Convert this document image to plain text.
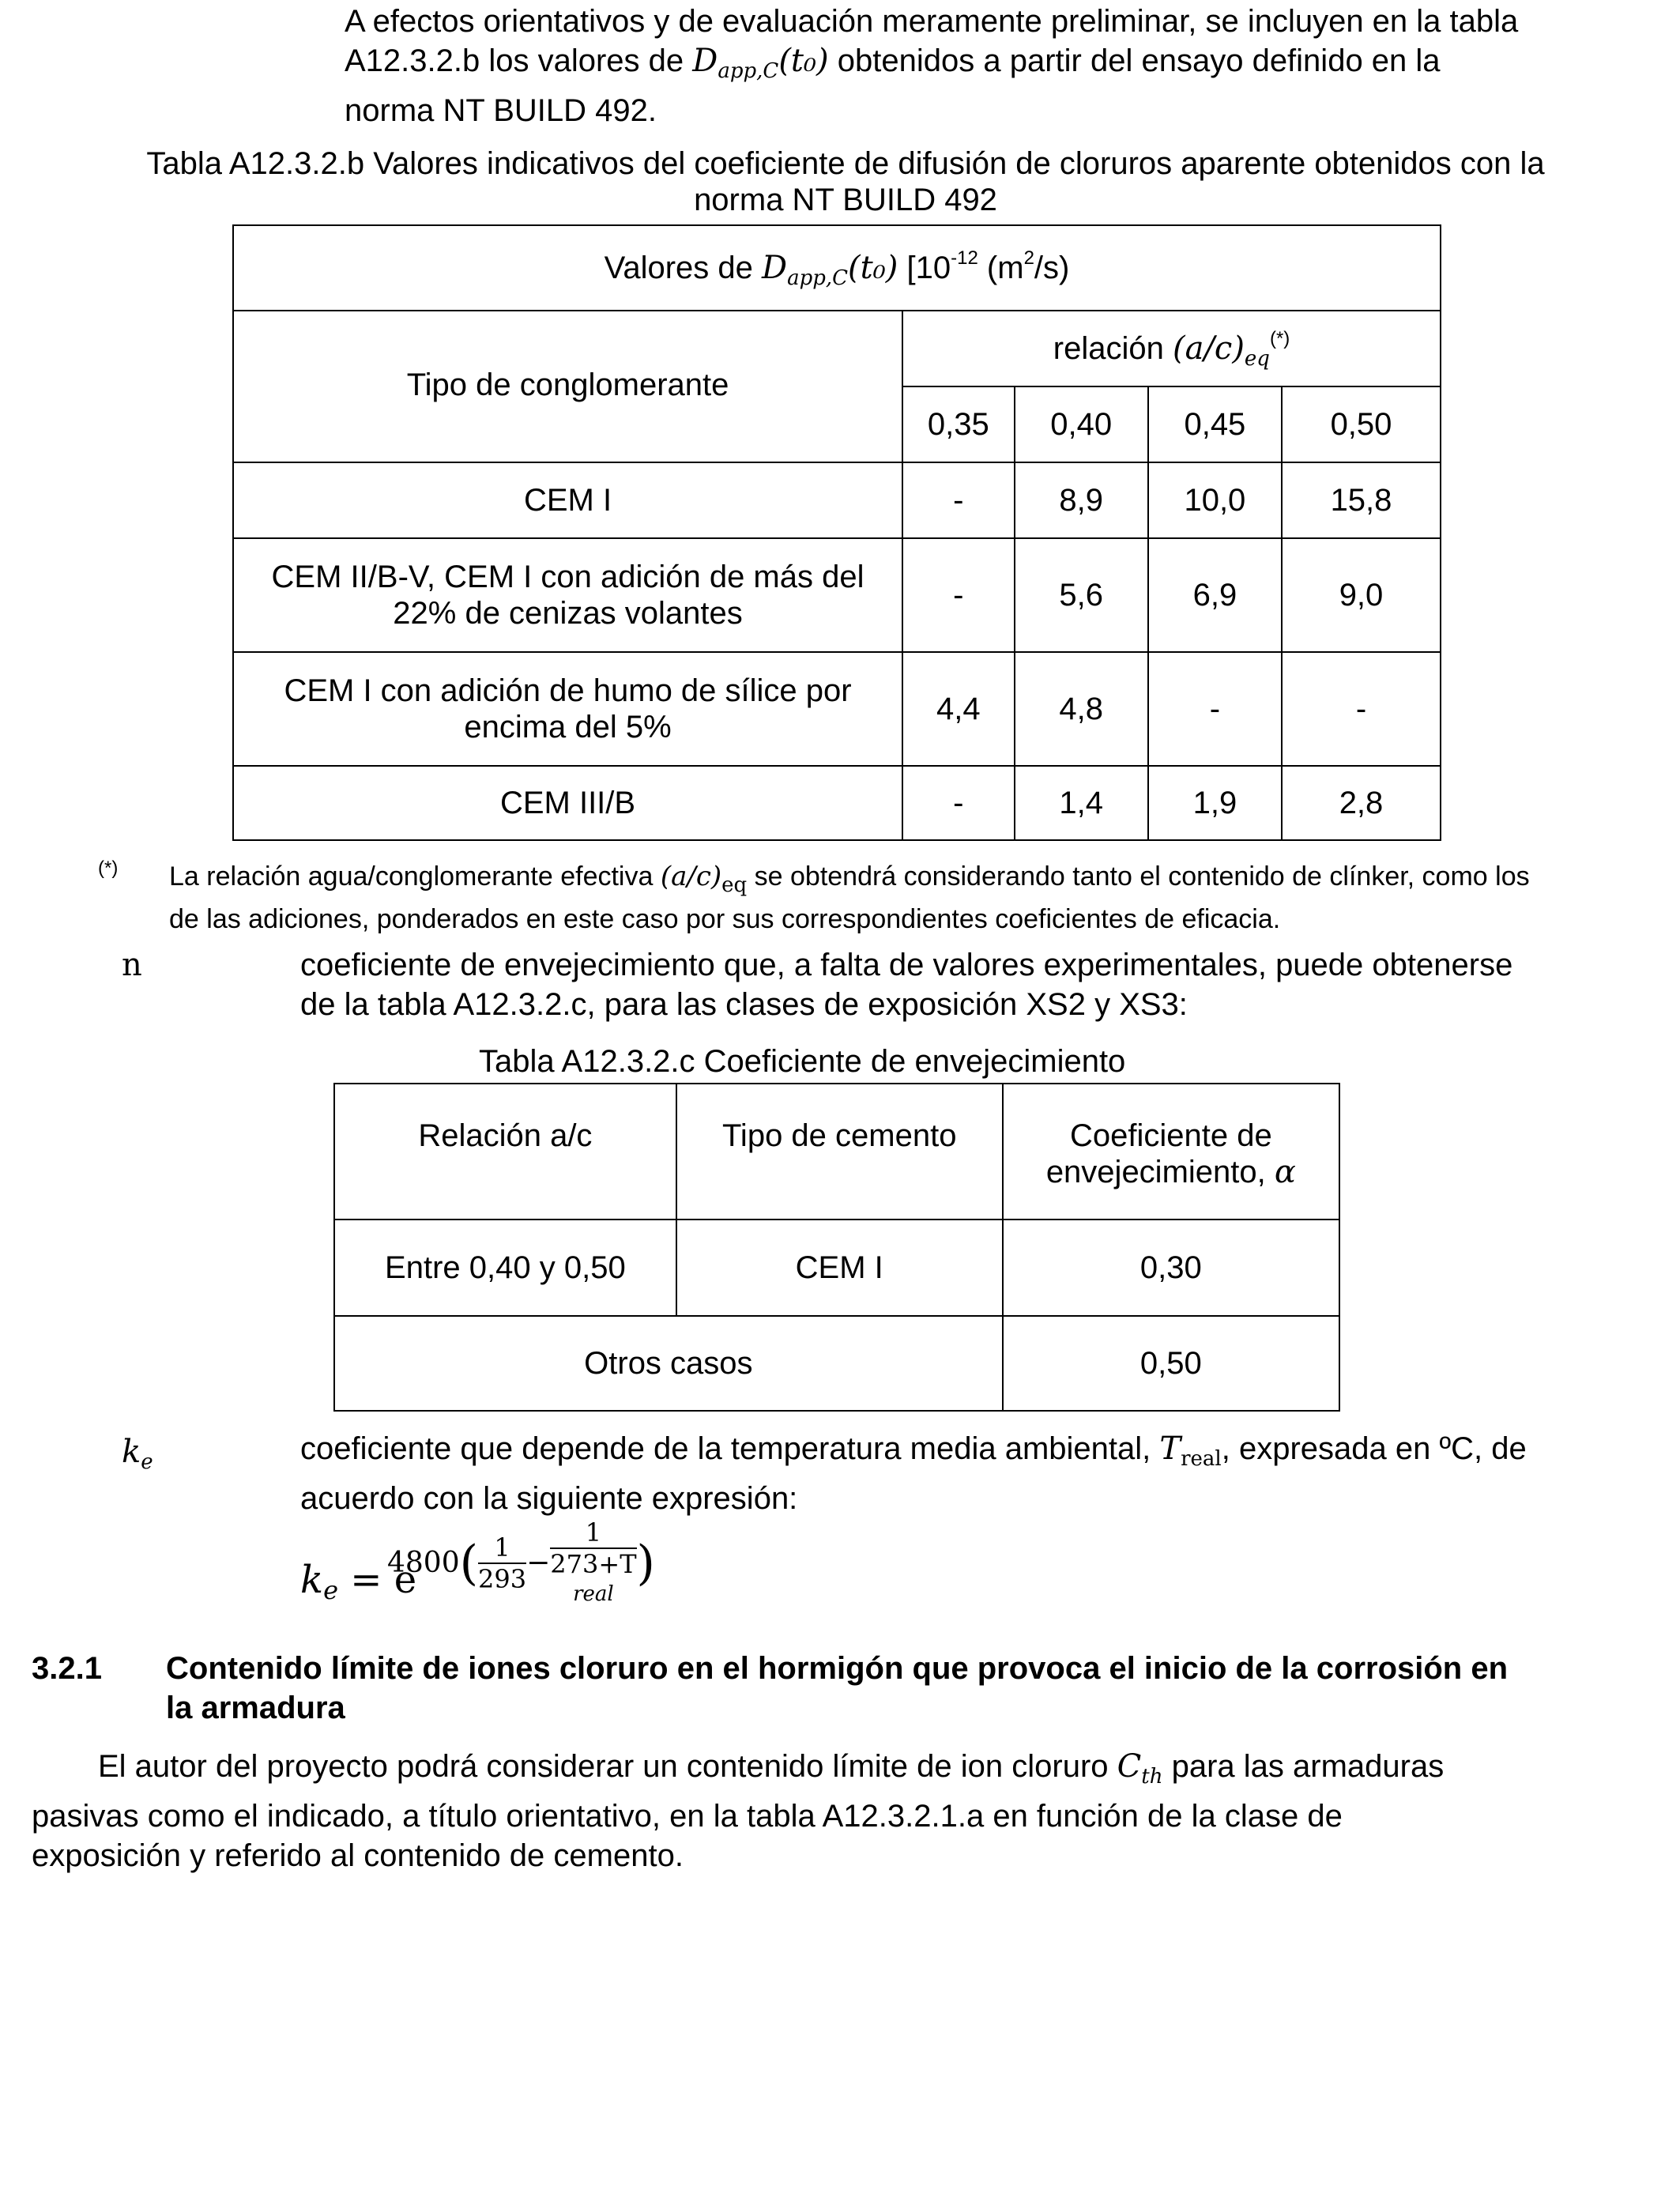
A efectos orientativos y de evaluación meramente preliminar, se incluyen en la tabla
A12.3.2.b los valores de $D_{app,C}(t_0)$ obtenidos a partir del ensayo definido en la
norma NT BUILD 492.
Tabla A12.3.2.b Valores indicativos del coeficiente de difusión de cloruros aparente obtenidos con la
norma NT BUILD 492
Valores de $D_{app,C}(t_0)$ [$10^{-12}$ $(m^2/s)$				
Tipo de conglomerante	relación $(a/c)_{eq}^{(*)}$
	0,35	0,40	0,45	0,50
CEM I	-	8,9	10,0	15,8

CEM II/B-V, CEM I con adición de más del
22% de cenizas volantes	-	5,6	6,9	9,0

CEM I con adición de humo de sílice por
encima del 5%	4,4	4,8	-	-
CEM III/B	-	1,4	1,9	2,8
(*) La relación agua/conglomerante efectiva $(a/c)_{eq}$ se obtendrá considerando tanto el contenido de clínker, como los
de las adiciones, ponderados en este caso por sus correspondientes coeficientes de eficacia.
n	coeficiente de envejecimiento que, a falta de valores experimentales, puede obtenerse
de la tabla A12.3.2.c, para las clases de exposición XS2 y XS3:
Tabla A12.3.2.c Coeficiente de envejecimiento
Relación a/c	Tipo de cemento	Coeficiente de
envejecimiento, α

Entre 0,40 y 0,50	CEM I	0,30
Otros casos		0,50
$k_e$	coeficiente que depende de la temperatura media ambiental, $T_{real}$, expresada en ºC, de
acuerdo con la siguiente expresión:
$k_e = e$
$4800( \frac{1}{293} - 1$
273+T
real )
3.2.1 Contenido límite de iones cloruro en el hormigón que provoca el inicio de la corrosión en
la armadura
El autor del proyecto podrá considerar un contenido límite de ion cloruro $C_{th}$ para las armaduras
pasivas como el indicado, a título orientativo, en la tabla A12.3.2.1.a en función de la clase de
exposición y referido al contenido de cemento.
